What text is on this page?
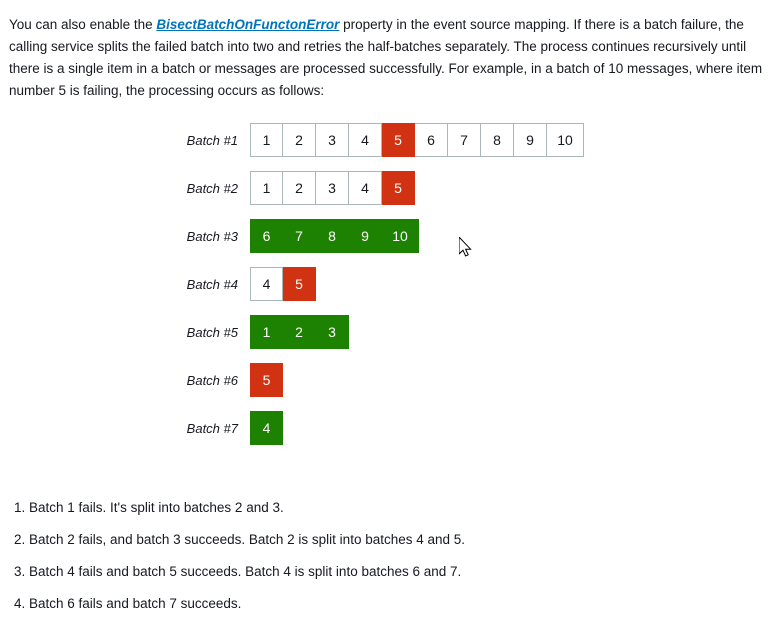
You can also enable the BisectBatchOnFunctonError property in the event source mapping. If there is a batch failure, the calling service splits the failed batch into two and retries the half-batches separately. The process continues recursively until there is a single item in a batch or messages are processed successfully. For example, in a batch of 10 messages, where item number 5 is failing, the processing occurs as follows:

Batch #1	1	2	3	4	5	6	7	8	9	10
Batch #2	1	2	3	4	5
Batch #3	6	7	8	9	10
Batch #4	4	5
Batch #5	1	2	3
Batch #6	5
Batch #7	4
1. Batch 1 fails. It's split into batches 2 and 3.
2. Batch 2 fails, and batch 3 succeeds. Batch 2 is split into batches 4 and 5.
3. Batch 4 fails and batch 5 succeeds. Batch 4 is split into batches 6 and 7.
4. Batch 6 fails and batch 7 succeeds.
